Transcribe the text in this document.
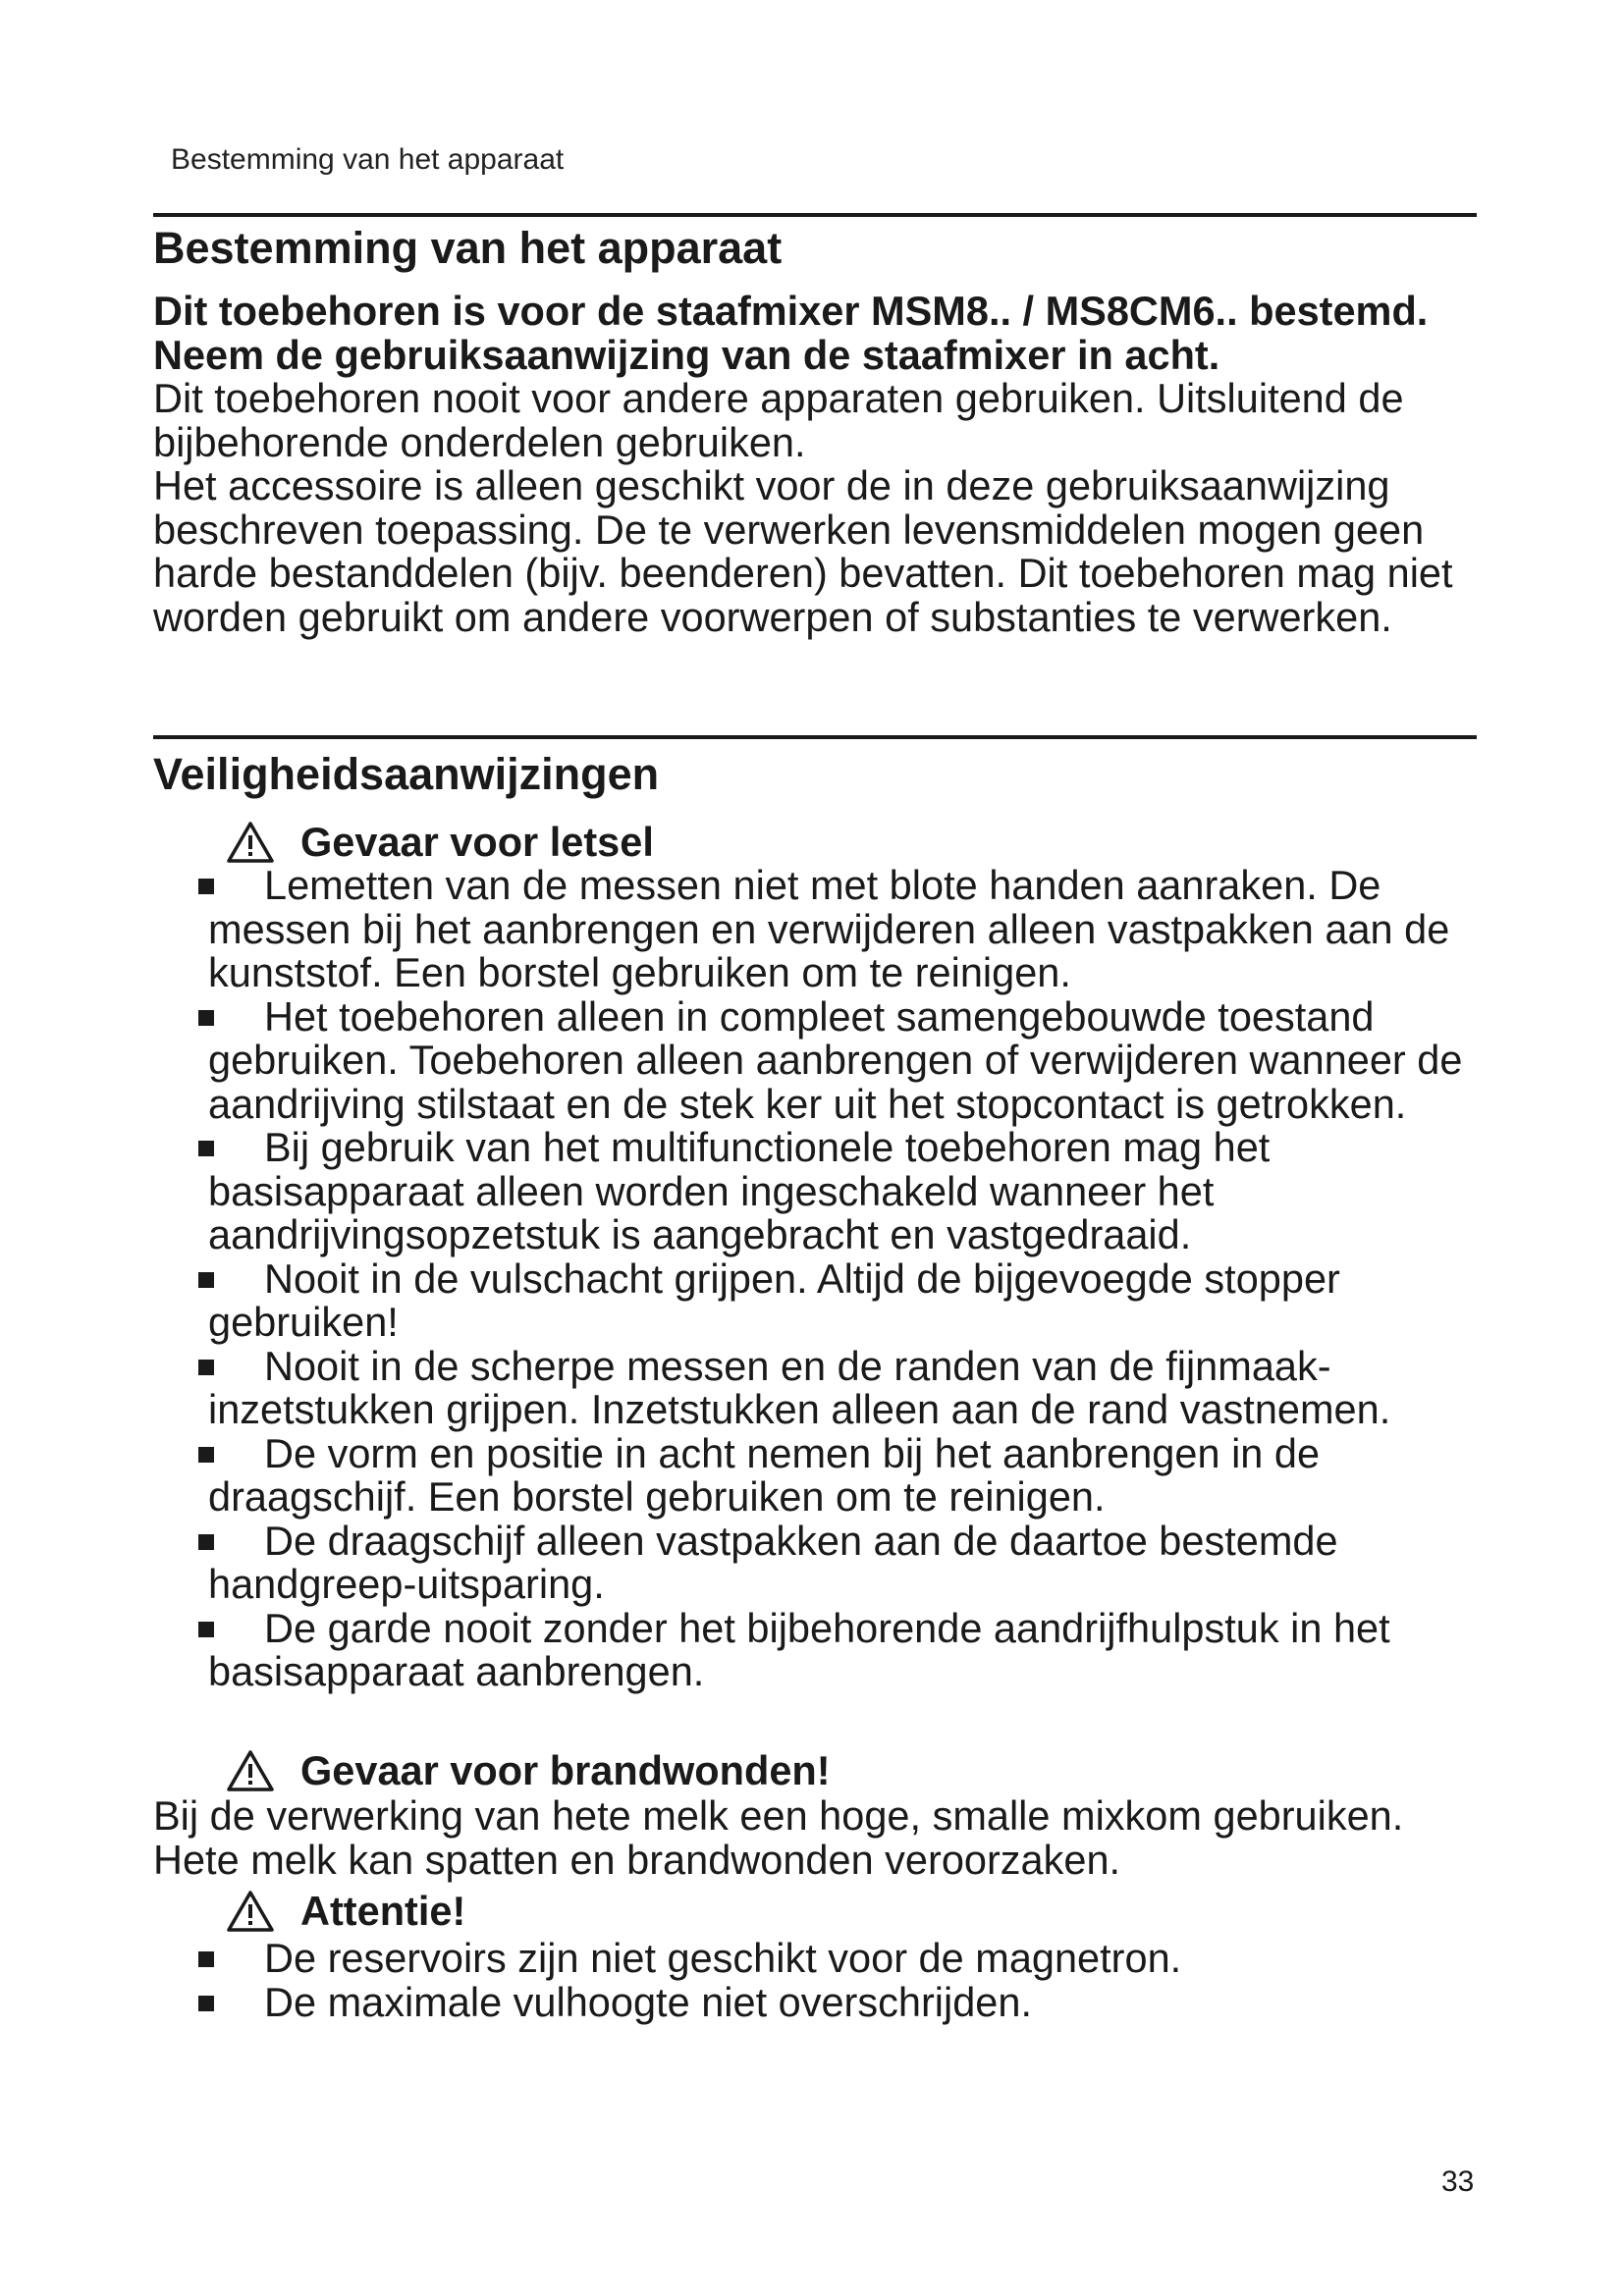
Bestemming van het apparaat
Bestemming van het apparaat

Dit toebehoren is voor de staafmixer MSM8.. / MS8CM6.. bestemd. Neem de gebruiksaanwijzing van de staafmixer in acht.

Dit toebehoren nooit voor andere apparaten gebruiken. Uitsluitend de bijbehorende onderdelen gebruiken.

Het accessoire is alleen geschikt voor de in deze gebruiksaanwijzing beschreven toepassing. De te verwerken levensmiddelen mogen geen harde bestanddelen (bijv. beenderen) bevatten. Dit toebehoren mag niet worden gebruikt om andere voorwerpen of substanties te verwerken.

Veiligheidsaanwijzingen
Gevaar voor letsel
Lemetten van de messen niet met blote handen aanraken. De messen bij het aanbrengen en verwijderen alleen vastpakken aan de kunststof. Een borstel gebruiken om te reinigen.
Het toebehoren alleen in compleet samengebouwde toestand gebruiken. Toebehoren alleen aanbrengen of verwijderen wanneer de aandrijving stilstaat en de stek ker uit het stopcontact is getrokken.
Bij gebruik van het multifunctionele toebehoren mag het basisapparaat alleen worden ingeschakeld wanneer het aandrijvingsopzetstuk is aangebracht en vastgedraaid.
Nooit in de vulschacht grijpen. Altijd de bijgevoegde stopper gebruiken!
Nooit in de scherpe messen en de randen van de fijnmaak-inzetstukken grijpen. Inzetstukken alleen aan de rand vastnemen.
De vorm en positie in acht nemen bij het aanbrengen in de draagschijf. Een borstel gebruiken om te reinigen.
De draagschijf alleen vastpakken aan de daartoe bestemde handgreep-uitsparing.
De garde nooit zonder het bijbehorende aandrijfhulpstuk in het basisapparaat aanbrengen.
Gevaar voor brandwonden!

Bij de verwerking van hete melk een hoge, smalle mixkom gebruiken. Hete melk kan spatten en brandwonden veroorzaken.

Attentie!
De reservoirs zijn niet geschikt voor de magnetron.
De maximale vulhoogte niet overschrijden.
33
